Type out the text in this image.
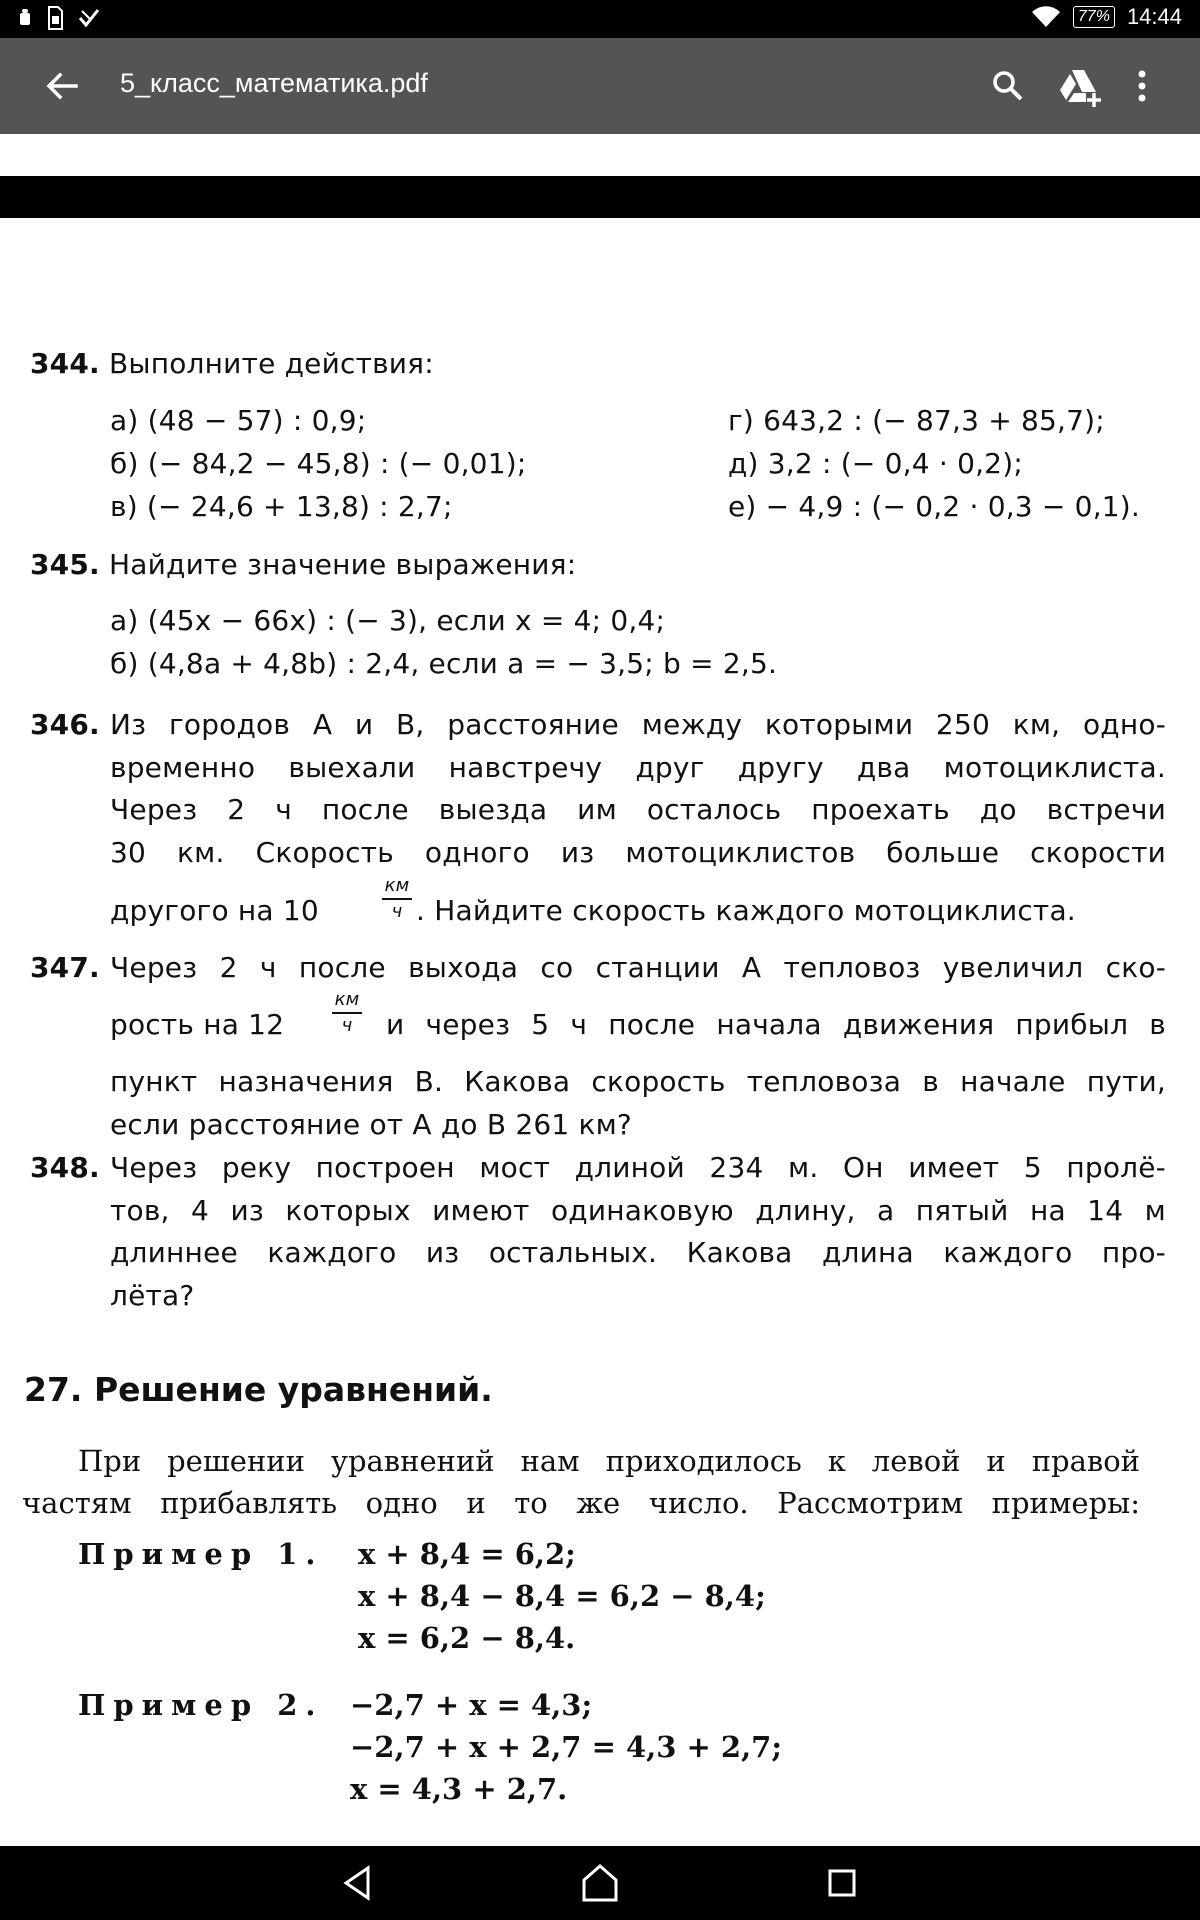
77% 14:44
5_класс_математика.pdf
344. Выполните действия:
а) (48 − 57) : 0,9;
б) (− 84,2 − 45,8) : (− 0,01);
в) (− 24,6 + 13,8) : 2,7;
г) 643,2 : (− 87,3 + 85,7);
д) 3,2 : (− 0,4 · 0,2);
е) − 4,9 : (− 0,2 · 0,3 − 0,1).
345. Найдите значение выражения:
а) (45x − 66x) : (− 3), если x = 4; 0,4;
б) (4,8a + 4,8b) : 2,4, если a = − 3,5; b = 2,5.
346. Из городов A и B, расстояние между которыми 250 км, одно-
временно выехали навстречу друг другу два мотоциклиста.
Через 2 ч после выезда им осталось проехать до встречи
30 км. Скорость одного из мотоциклистов больше скорости
другого на 10
км
ч . Найдите скорость каждого мотоциклиста.
347. Через 2 ч после выхода со станции A тепловоз увеличил ско-
рость на 12
км
ч	и через 5 ч после начала движения прибыл в
пункт назначения B. Какова скорость тепловоза в начале пути,
если расстояние от A до B 261 км?
348. Через реку построен мост длиной 234 м. Он имеет 5 пролё-
тов, 4 из которых имеют одинаковую длину, а пятый на 14 м
длиннее каждого из остальных. Какова длина каждого про-
лёта?
27. Решение уравнений.
При решении уравнений нам приходилось к левой и правой
частям прибавлять одно и то же число. Рассмотрим примеры:
Пример 1. x + 8,4 = 6,2;
x + 8,4 − 8,4 = 6,2 − 8,4;
x = 6,2 − 8,4.
Пример 2. −2,7 + x = 4,3;
−2,7 + x + 2,7 = 4,3 + 2,7;
x = 4,3 + 2,7.
